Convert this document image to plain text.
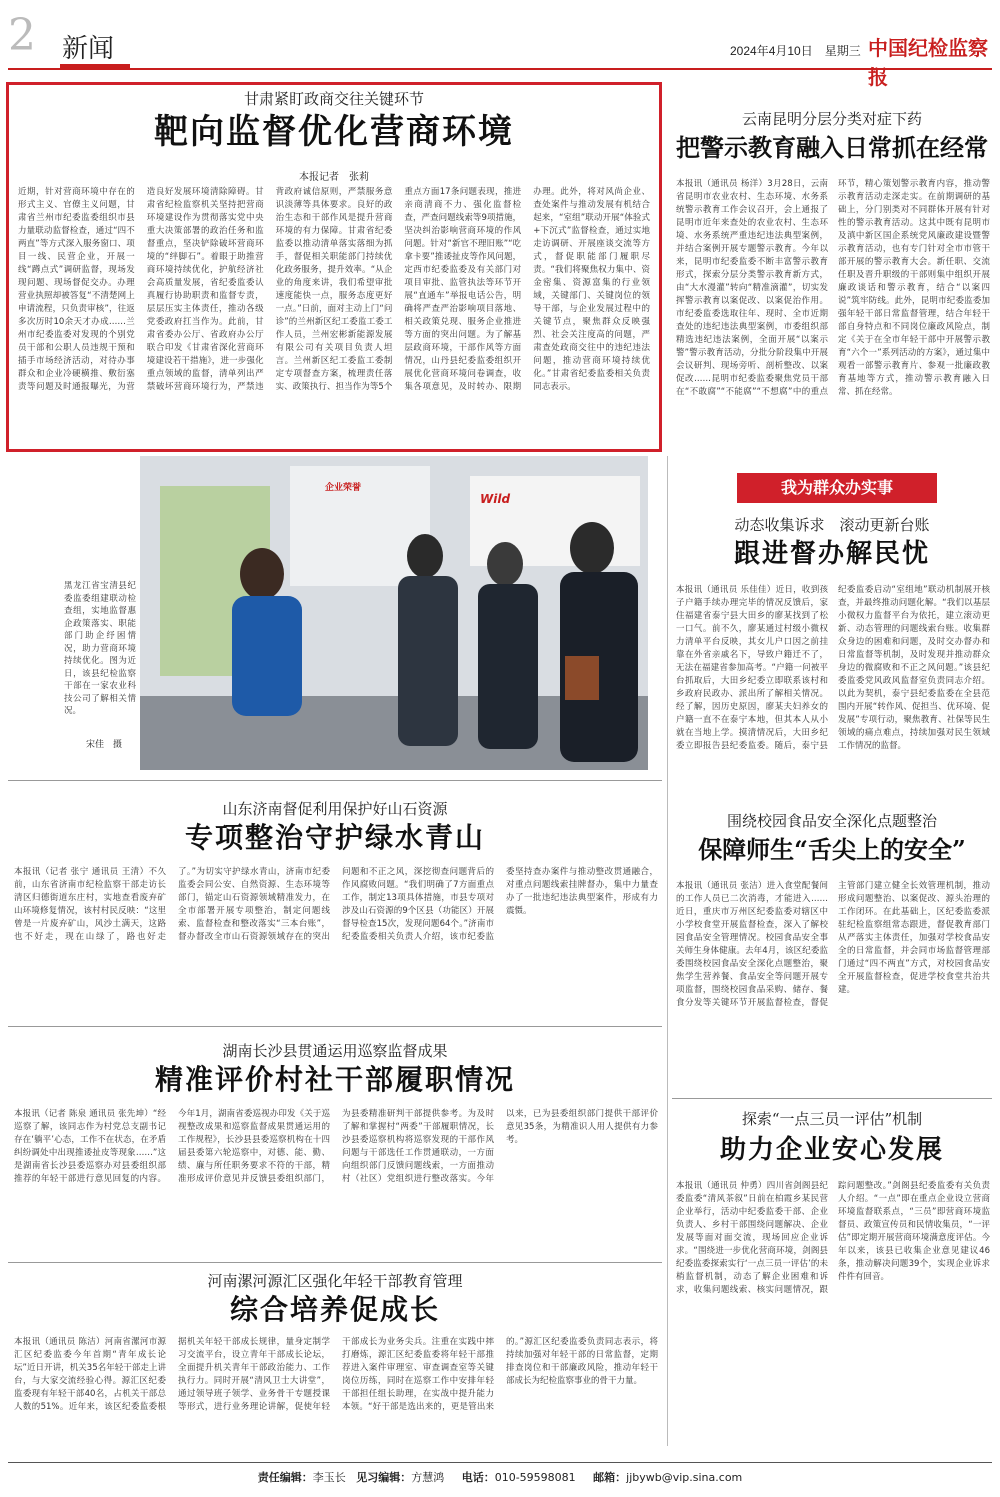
2 新闻	2024年4月10日　星期三 中国纪检监察报
甘肃紧盯政商交往关键环节
靶向监督优化营商环境
本报记者　张莉
近期，针对营商环境中存在的形式主义、官僚主义问题，甘肃省兰州市纪委监委组织市县力量联动监督检查，通过“四不两直”等方式深入服务窗口、项目一线、民营企业，开展一线“蹲点式”调研监督，现场发现问题、现场督促交办。办理营业执照却被答复“不清楚网上申请流程，只负责审核”，往返多次历时10余天才办成……兰州市纪委监委对发现的个别党员干部和公职人员违规干预和插手市场经济活动，对待办事群众和企业冷硬横推、敷衍塞责等问题及时通报曝光，为营造良好发展环境清除障碍。甘肃省纪检监察机关坚持把营商环境建设作为贯彻落实党中央重大决策部署的政治任务和监督重点，坚决铲除破坏营商环境的“绊脚石”。着眼于助推营商环境持续优化，护航经济社会高质量发展，省纪委监委认真履行协助职责和监督专责，层层压实主体责任，推动各级党委政府扛当作为。此前，甘肃省委办公厅、省政府办公厅联合印发《甘肃省深化营商环境建设若干措施》，进一步强化重点领域的监督，清单列出严禁破坏营商环境行为，严禁违背政府诚信原则，严禁服务意识淡薄等具体要求。良好的政治生态和干部作风是提升营商环境的有力保障。甘肃省纪委监委以推动清单落实落细为抓手，督促相关职能部门持续优化政务服务，提升效率。“从企业的角度来讲，我们希望审批速度能快一点，服务态度更好一点。”日前，面对主动上门“问诊”的兰州新区纪工委监工委工作人员，兰州宏彬新能源发展有限公司有关项目负责人坦言。兰州新区纪工委监工委制定专项督查方案，梳理责任落实、政策执行、担当作为等5个重点方面17条问题表现，推进亲商清商不力、强化监督检查，严查问题线索等9项措施，坚决纠治影响营商环境的作风问题。针对“新官不理旧账”“吃拿卡要”推诿扯皮等作风问题，定西市纪委监委及有关部门对项目审批、监管执法等环节开展“直通车”举报电话公告，明确将严查严治影响项目落地、相关政策兑现、服务企业推进等方面的突出问题。为了解基层政商环境，干部作风等方面情况，山丹县纪委监委组织开展优化营商环境问卷调查，收集各项意见，及时转办、限期办理。此外，将对风尚企业、查处案件与推动发展有机结合起来，“室组”联动开展“体验式+下沉式”监督检查，通过实地走访调研、开展座谈交流等方式，督促职能部门履职尽责。“我们将聚焦权力集中、资金密集、资源富集的行业领域，关键部门、关键岗位的领导干部，与企业发展过程中的关键节点，聚焦群众反映强烈、社会关注度高的问题，严肃查处政商交往中的违纪违法问题，推动营商环境持续优化。”甘肃省纪委监委相关负责同志表示。
云南昆明分层分类对症下药
把警示教育融入日常抓在经常
本报讯（通讯员 杨洋）3月28日，云南省昆明市农业农村、生态环境、水务系统警示教育工作会议召开，会上通报了昆明市近年来查处的农业农村、生态环境、水务系统严重违纪违法典型案例，并结合案例开展专题警示教育。今年以来，昆明市纪委监委不断丰富警示教育形式，探索分层分类警示教育新方式，由“大水漫灌”转向“精准滴灌”，切实发挥警示教育以案促改、以案促治作用。市纪委监委选取往年、现时、全市近期查处的违纪违法典型案例，市委组织部精选违纪违法案例，全面开展“以案示警”警示教育活动，分批分阶段集中开展会议研判、现场旁听、剖析整改、以案促改……昆明市纪委监委聚焦党员干部在“不敢腐”“不能腐”“不想腐”中的重点环节，精心策划警示教育内容，推动警示教育活动走深走实。在前期调研的基础上，分门别类对不同群体开展有针对性的警示教育活动。这其中既有昆明市及滇中新区国企系统党风廉政建设暨警示教育活动，也有专门针对全市市管干部开展的警示教育大会。新任职、交流任职及晋升职级的干部则集中组织开展廉政谈话和警示教育，结合“以案四说”筑牢防线。此外，昆明市纪委监委加强年轻干部日常监督管理，结合年轻干部自身特点和不同岗位廉政风险点，制定《关于在全市年轻干部中开展警示教育“六个一”系列活动的方案》，通过集中观看一部警示教育片、参观一批廉政教育基地等方式，推动警示教育融入日常、抓在经常。
企业荣誉
Wild
黑龙江省宝清县纪委监委组建联动检查组，实地监督惠企政策落实、职能部门助企纾困情况，助力营商环境持续优化。图为近日，该县纪检监察干部在一家农业科技公司了解相关情况。
宋佳　摄
我为群众办实事
动态收集诉求　滚动更新台账
跟进督办解民忧
本报讯（通讯员 乐佳佳）近日，收到孩子户籍手续办理完毕的情况反馈后，家住福建省泰宁县大田乡的廖某找到了松一口气。前不久，廖某通过村级小微权力清单平台反映，其女儿户口因之前挂靠在外省亲戚名下，导致户籍迁不了，无法在福建省参加高考。“户籍一问被平台抓取后，大田乡纪委立即联系该村和乡政府民政办、派出所了解相关情况。经了解，因历史原因，廖某夫妇养女的户籍一直不在泰宁本地，但其本人从小就在当地上学。摸清情况后，大田乡纪委立即报告县纪委监委。随后，泰宁县纪委监委启动“室组地”联动机制展开核查，并最终推动问题化解。“我们以基层小微权力监督平台为依托，建立滚动更新、动态管理的问题线索台账。收集群众身边的困难和问题，及时交办督办和日常监督等机制，及时发现并推动群众身边的微腐败和不正之风问题。”该县纪委监委党风政风监督室负责同志介绍。以此为契机，泰宁县纪委监委在全县范围内开展“转作风、促担当、优环境、促发展”专项行动，聚焦教育、社保等民生领域的痛点难点，持续加强对民生领域工作情况的监督。
山东济南督促利用保护好山石资源
专项整治守护绿水青山
本报讯（记者 张宁 通讯员 王清）不久前，山东省济南市纪检监察干部走访长清区归德街道东庄村，实地查看废弃矿山环境修复情况，该村村民反映：“这里曾是一片废弃矿山，风沙土满天，这路也不好走，现在山绿了，路也好走了。”为切实守护绿水青山，济南市纪委监委会同公安、自然资源、生态环境等部门，锚定山石资源领域精准发力，在全市部署开展专项整治，制定问题线索、监督检查和整改落实“三本台账”，督办督改全市山石资源领域存在的突出问题和不正之风，深挖彻查问题背后的作风腐败问题。“我们明确了7方面重点工作，制定13项具体措施，市县专项对涉及山石资源的9个区县（功能区）开展督导检查15次，发现问题64个。”济南市纪委监委相关负责人介绍，该市纪委监委坚持查办案件与推动整改贯通融合，对重点问题线索挂牌督办，集中力量查办了一批违纪违法典型案件，形成有力震慑。
围绕校园食品安全深化点题整治
保障师生“舌尖上的安全”
本报讯（通讯员 张洁）进入食堂配餐间的工作人员已二次消毒，才能进入……近日，重庆市万州区纪委监委对辖区中小学校食堂开展监督检查，深入了解校园食品安全管理情况。校园食品安全事关师生身体健康。去年4月，该区纪委监委围绕校园食品安全深化点题整治，聚焦学生营养餐、食品安全等问题开展专项监督，围绕校园食品采购、储存、餐食分发等关键环节开展监督检查，督促主管部门建立健全长效管理机制，推动形成问题整治、以案促改、源头治理的工作闭环。在此基础上，区纪委监委派驻纪检监察组常态跟进，督促教育部门从严落实主体责任，加强对学校食品安全的日常监督，并会同市场监督管理部门通过“四不两直”方式，对校园食品安全开展监督检查，促进学校食堂共治共建。
湖南长沙县贯通运用巡察监督成果
精准评价村社干部履职情况
本报讯（记者 陈泉 通讯员 张先坤）“经巡察了解，该同志作为村党总支副书记存在‘躺平’心态，工作不在状态，在矛盾纠纷调处中出现推诿扯皮等现象……”这是湖南省长沙县委巡察办对县委组织部推荐的年轻干部进行意见回复的内容。今年1月，湖南省委巡视办印发《关于巡视整改成果和巡察监督成果贯通运用的工作规程》，长沙县县委巡察机构在十四届县委第六轮巡察中，对德、能、勤、绩、廉与所任职务要求不符的干部，精准形成评价意见并反馈县委组织部门，为县委精准研判干部提供参考。为及时了解和掌握村“两委”干部履职情况，长沙县委巡察机构将巡察发现的干部作风问题与干部选任工作贯通联动，一方面向组织部门反馈问题线索，一方面推动村（社区）党组织进行整改落实。今年以来，已为县委组织部门提供干部评价意见35条，为精准识人用人提供有力参考。
探索“一点三员一评估”机制
助力企业安心发展
本报讯（通讯员 仲勇）四川省剑阁县纪委监委“清风茶叙”日前在柏霞乡某民营企业举行，活动中纪委监委干部、企业负责人、乡村干部围绕问题解决、企业发展等面对面交流，现场回应企业诉求。“围绕进一步优化营商环境，剑阁县纪委监委探索实行‘一点三员一评估’的未梢监督机制，动态了解企业困难和诉求，收集问题线索、核实问题情况，跟踪问题整改。”剑阁县纪委监委有关负责人介绍。“一点”即在重点企业设立营商环境监督联系点，“三员”即营商环境监督员、政策宣传员和民情收集员，“一评估”即定期开展营商环境满意度评估。今年以来，该县已收集企业意见建议46条，推动解决问题39个，实现企业诉求件件有回音。
河南漯河源汇区强化年轻干部教育管理
综合培养促成长
本报讯（通讯员 陈洁）河南省漯河市源汇区纪委监委今年首期“青年成长论坛”近日开讲，机关35名年轻干部走上讲台，与大家交流经验心得。源汇区纪委监委现有年轻干部40名，占机关干部总人数的51%。近年来，该区纪委监委根据机关年轻干部成长规律，量身定制学习交流平台，设立青年干部成长论坛，全面提升机关青年干部政治能力、工作执行力。同时开展“清风卫士大讲堂”，通过领导班子领学、业务骨干专题授课等形式，进行业务理论讲解，促使年轻干部成长为业务尖兵。注重在实践中摔打磨炼，源汇区纪委监委将年轻干部推荐进入案件审理室、审查调查室等关键岗位历练，同时在巡察工作中安排年轻干部担任组长助理，在实战中提升能力本领。“好干部是选出来的，更是管出来的。”源汇区纪委监委负责同志表示，将持续加强对年轻干部的日常监督，定期排查岗位和干部廉政风险，推动年轻干部成长为纪检监察事业的骨干力量。
责任编辑：李玉长 见习编辑：方慧鸿 电话：010-59598081 邮箱：jjbywb@vip.sina.com
